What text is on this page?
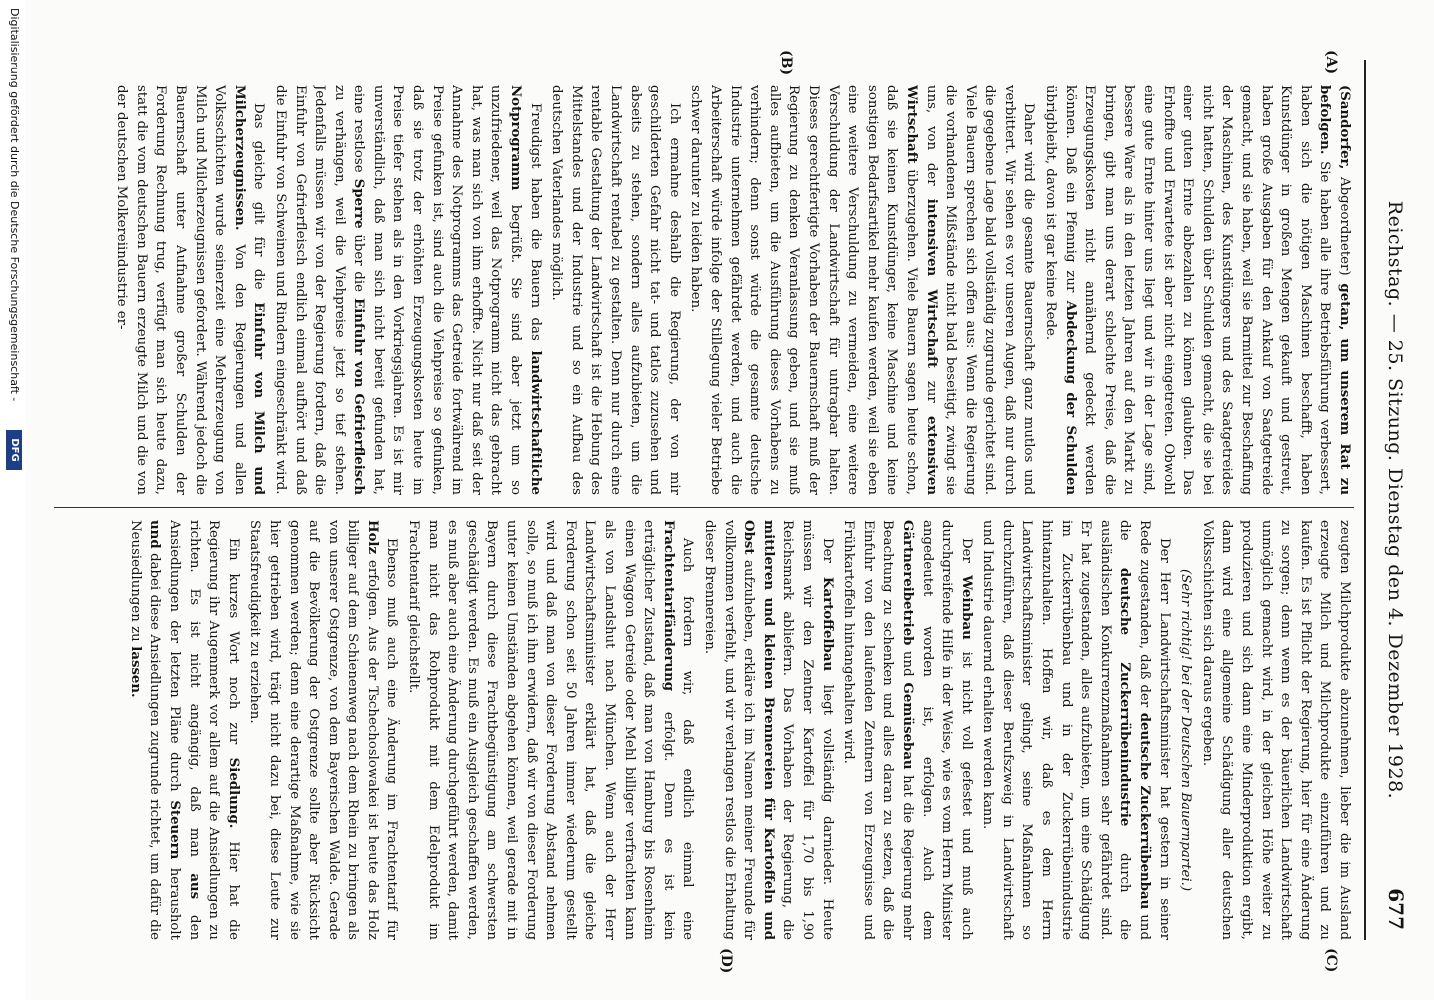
Reichstag. — 25. Sitzung. Dienstag den 4. Dezember 1928.
677
(A)
(B)
(C)
(D)

(Sandorfer, Abgeordneter) getan, um unserem Rat zu befolgen. Sie haben alle ihre Betriebsführung verbessert, haben sich die nötigen Maschinen beschafft, haben Kunstdünger in großen Mengen gekauft und gestreut, haben große Ausgaben für den Ankauf von Saatgetreide gemacht, und sie haben, weil sie Barmittel zur Beschaffung der Maschinen, des Kunstdüngers und des Saatgetreides nicht hatten, Schulden über Schulden gemacht, die sie bei einer guten Ernte abbezahlen zu können glaubten. Das Erhoffte und Erwartete ist aber nicht eingetreten. Obwohl eine gute Ernte hinter uns liegt und wir in der Lage sind, bessere Ware als in den letzten Jahren auf den Markt zu bringen, gibt man uns derart schlechte Preise, daß die Erzeugungskosten nicht annähernd gedeckt werden können. Daß ein Pfennig zur Abdeckung der Schulden übrigbleibt, davon ist gar keine Rede.

Daher wird die gesamte Bauernschaft ganz mutlos und verbittert. Wir sehen es vor unseren Augen, daß nur durch die gegebene Lage bald vollständig zugrunde gerichtet sind. Viele Bauern sprechen sich offen aus: Wenn die Regierung die vorhandenen Mißstände nicht bald beseitigt, zwingt sie uns, von der intensiven Wirtschaft zur extensiven Wirtschaft überzugehen. Viele Bauern sagen heute schon, daß sie keinen Kunstdünger, keine Maschine und keine sonstigen Bedarfsartikel mehr kaufen werden, weil sie eben eine weitere Verschuldung zu vermeiden, eine weitere Verschuldung der Landwirtschaft für untragbar halten. Dieses gerechtfertigte Vorhaben der Bauernschaft muß der Regierung zu denken Veranlassung geben, und sie muß alles aufbieten, um die Ausführung dieses Vorhabens zu verhindern; denn sonst würde die gesamte deutsche Industrie unternehmen gefährdet werden, und auch die Arbeiterschaft würde infolge der Stillegung vieler Betriebe schwer darunter zu leiden haben.

Ich ermahne deshalb die Regierung, der von mir geschilderten Gefahr nicht tat- und tatlos zuzusehen und abseits zu stehen, sondern alles aufzubieten, um die Landwirtschaft rentabel zu gestalten. Denn nur durch eine rentable Gestaltung der Landwirtschaft ist die Hebung des Mittelstandes und der Industrie und so ein Aufbau des deutschen Vaterlandes möglich.

Freudigst haben die Bauern das landwirtschaftliche Notprogramm begrüßt. Sie sind aber jetzt um so unzufriedener, weil das Notprogramm nicht das gebracht hat, was man sich von ihm erhoffte. Nicht nur daß seit der Annahme des Notprogramms das Getreide fortwährend im Preise gefunken ist, sind auch die Viehpreise so gefunken, daß sie trotz der erhöhten Erzeugungskosten heute im Preise tiefer stehen als in den Vorkriegsjahren. Es ist mir unverständlich, daß man sich nicht bereit gefunden hat, eine restlose Sperre über die Einfuhr von Gefrierfleisch zu verhängen, weil die Viehpreise jetzt so tief stehen. Jedenfalls müssen wir von der Regierung fordern, daß die Einfuhr von Gefrierfleisch endlich einmal aufhört und daß die Einfuhr von Schweinen und Rindern eingeschränkt wird.

Das gleiche gilt für die Einfuhr von Milch und Milcherzeugnissen. Von den Regierungen und allen Volksschichten wurde seinerzeit eine Mehrerzeugung von Milch und Milcherzeugnissen gefordert. Während jedoch die Bauernschaft unter Aufnahme großer Schulden der Forderung Rechnung trug, verfügt man sich heute dazu, statt die vom deutschen Bauern erzeugte Milch und die von der deutschen Molkereiindustrie er-

zeugten Milchprodukte abzunehmen, lieber die im Ausland erzeugte Milch und Milchprodukte einzuführen und zu kaufen. Es ist Pflicht der Regierung, hier für eine Änderung zu sorgen; denn wenn es der bäuerlichen Landwirtschaft unmöglich gemacht wird, in der gleichen Höhe weiter zu produzieren und sich dann eine Minderproduktion ergibt, dann wird eine allgemeine Schädigung aller deutschen Volksschichten sich daraus ergeben.

(Sehr richtig! bei der Deutschen Bauernpartei.)

Der Herr Landwirtschaftsminister hat gestern in seiner Rede zugestanden, daß der deutsche Zuckerrübenbau und die deutsche Zuckerrübenindustrie durch die ausländischen Konkurrenzmaßnahmen sehr gefährdet sind. Er hat zugestanden, alles aufzubieten, um eine Schädigung im Zuckerrübenbau und in der Zuckerrübenindustrie hintanzuhalten. Hoffen wir, daß es dem Herrn Landwirtschaftsminister gelingt, seine Maßnahmen so durchzuführen, daß dieser Berufszweig in Landwirtschaft und Industrie dauernd erhalten werden kann.

Der Weinbau ist nicht voll gefestet und muß auch durchgreifende Hilfe in der Weise, wie es vom Herrn Minister angedeutet worden ist, erfolgen. Auch dem Gärtnereibetrieb und Gemüsebau hat die Regierung mehr Beachtung zu schenken und alles daran zu setzen, daß die Einfuhr von den laufenden Zentnern von Erzeugnisse und Frühkartoffeln hintangehalten wird.

Der Kartoffelbau liegt vollständig darnieder. Heute müssen wir den Zentner Kartoffel für 1,70 bis 1,90 Reichsmark abliefern. Das Vorhaben der Regierung, die mittleren und kleinen Brennereien für Kartoffeln und Obst aufzuheben, erkläre ich im Namen meiner Freunde für vollkommen verfehlt, und wir verlangen restlos die Erhaltung dieser Brennereien.

Auch fordern wir, daß endlich einmal eine Frachtentarifänderung erfolgt. Denn es ist kein erträglicher Zustand, daß man von Hamburg bis Rosenheim einen Waggon Getreide oder Mehl billiger verfrachten kann als von Landshut nach München. Wenn auch der Herr Landwirtschaftsminister erklärt hat, daß die gleiche Forderung schon seit 50 Jahren immer wiederum gestellt wird und daß man von dieser Forderung Abstand nehmen solle, so muß ich ihm erwidern, daß wir von dieser Forderung unter keinen Umständen abgehen können, weil gerade mit in Bayern durch diese Frachtbegünstigung am schwersten geschädigt werden. Es muß ein Ausgleich geschaffen werden, es muß aber auch eine Änderung durchgeführt werden, damit man nicht das Rohprodukt mit dem Edelprodukt im Frachtentarif gleichstellt.

Ebenso muß auch eine Änderung im Frachtentarif für Holz erfolgen. Aus der Tschechoslowakei ist heute das Holz billiger auf dem Schienenweg nach dem Rhein zu bringen als von unserer Ostgrenze, von dem Bayerischen Walde. Gerade auf die Bevölkerung der Ostgrenze sollte aber Rücksicht genommen werden; denn eine derartige Maßnahme, wie sie hier getrieben wird, trägt nicht dazu bei, diese Leute zur Staatsfreudigkeit zu erziehen.

Ein kurzes Wort noch zur Siedlung. Hier hat die Regierung ihr Augenmerk vor allem auf die Ansiedlungen zu richten. Es ist nicht angängig, daß man aus den Ansiedlungen der letzten Pläne durch Steuern herausholt und dabei diese Ansiedlungen zugrunde richtet, um dafür die Neusiedlungen zu lassen.

Digitalisierung gefördert durch die Deutsche Forschungsgemeinschaft -
DFG
